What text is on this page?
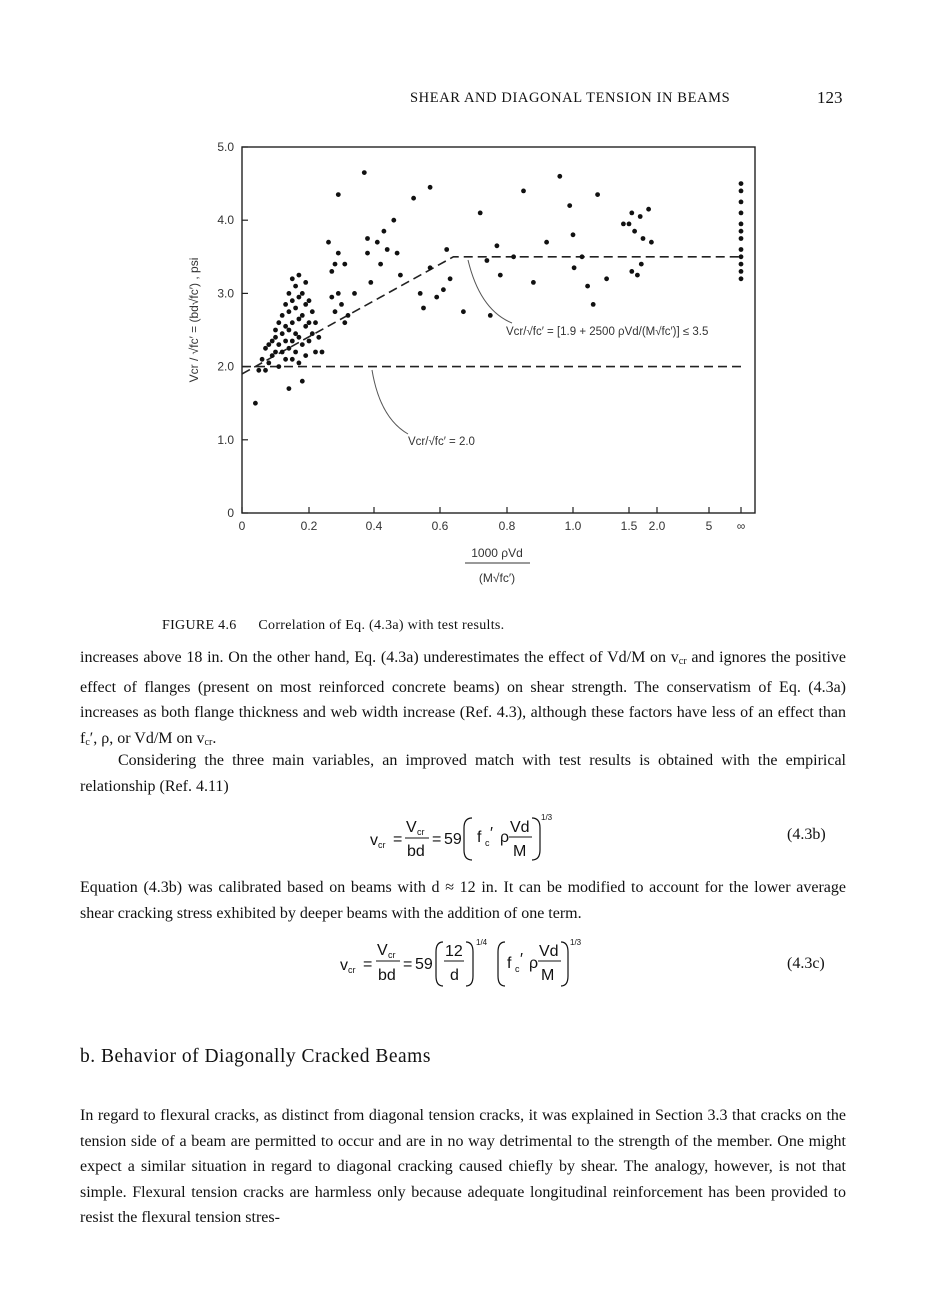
SHEAR AND DIAGONAL TENSION IN BEAMS	123
0
1.0
2.0
3.0
4.0
5.0
0	0.2	0.4	0.6	0.8	1.0	1.5 2.0	5 ∞
Vcr / √fc′ = (bd√fc′) , psi	Vcr/√fc′ = [1.9 + 2500 ρVd/(M√fc′)] ≤ 3.5
Vcr/√fc′ = 2.0
1000 ρVd
(M√fc′)
FIGURE 4.6 Correlation of Eq. (4.3a) with test results.

increases above 18 in. On the other hand, Eq. (4.3a) underestimates the effect of Vd/M on $v_{cr}$ and ignores the positive effect of flanges (present on most reinforced concrete beams) on shear strength. The conservatism of Eq. (4.3a) increases as both flange thickness and web width increase (Ref. 4.3), although these factors have less of an effect than $f_c'$, ρ, or Vd/M on $v_{cr}$.

Considering the three main variables, an improved match with test results is obtained with the empirical relationship (Ref. 4.11)

v cr =
V cr
bd
= 59 f c
′ ρ
Vd
M
1/3
(4.3b)

Equation (4.3b) was calibrated based on beams with d ≈ 12 in. It can be modified to account for the lower average shear cracking stress exhibited by deeper beams with the addition of one term.

v cr =
V cr
bd
= 59
12
d
1/4
f c
′ ρ
Vd
M
1/3
(4.3c)
b. Behavior of Diagonally Cracked Beams

In regard to flexural cracks, as distinct from diagonal tension cracks, it was explained in Section 3.3 that cracks on the tension side of a beam are permitted to occur and are in no way detrimental to the strength of the member. One might expect a similar situation in regard to diagonal cracking caused chiefly by shear. The analogy, however, is not that simple. Flexural tension cracks are harmless only because adequate longitudinal reinforcement has been provided to resist the flexural tension stres-
